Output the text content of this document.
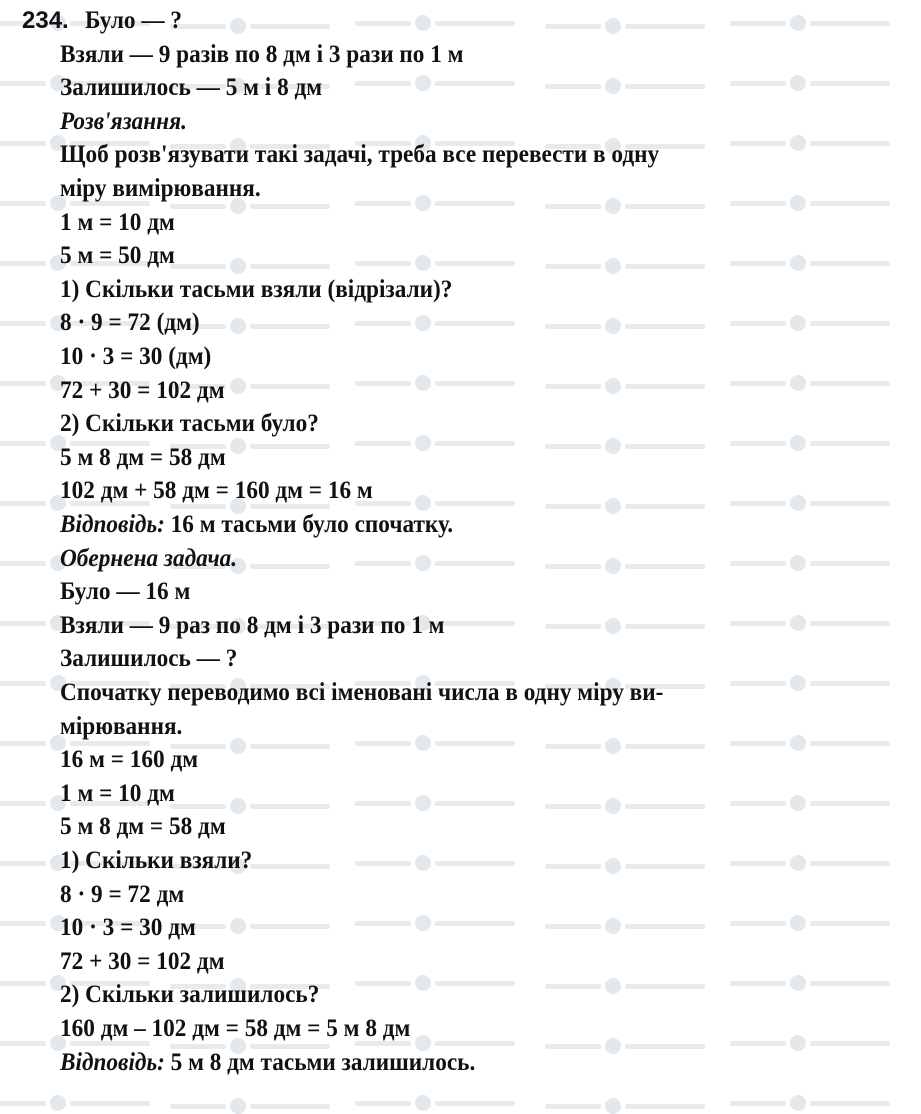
234. Було — ?
Взяли — 9 разів по 8 дм і 3 рази по 1 м
Залишилось — 5 м і 8 дм
Розв'язання.
Щоб розв'язувати такі задачі, треба все перевести в одну
міру вимірювання.
1 м = 10 дм
5 м = 50 дм
1) Скільки тасьми взяли (відрізали)?
8 · 9 = 72 (дм)
10 · 3 = 30 (дм)
72 + 30 = 102 дм
2) Скільки тасьми було?
5 м 8 дм = 58 дм
102 дм + 58 дм = 160 дм = 16 м
Відповідь: 16 м тасьми було спочатку.
Обернена задача.
Було — 16 м
Взяли — 9 раз по 8 дм і 3 рази по 1 м
Залишилось — ?
Спочатку переводимо всі іменовані числа в одну міру ви-
мірювання.
16 м = 160 дм
1 м = 10 дм
5 м 8 дм = 58 дм
1) Скільки взяли?
8 · 9 = 72 дм
10 · 3 = 30 дм
72 + 30 = 102 дм
2) Скільки залишилось?
160 дм – 102 дм = 58 дм = 5 м 8 дм
Відповідь: 5 м 8 дм тасьми залишилось.
